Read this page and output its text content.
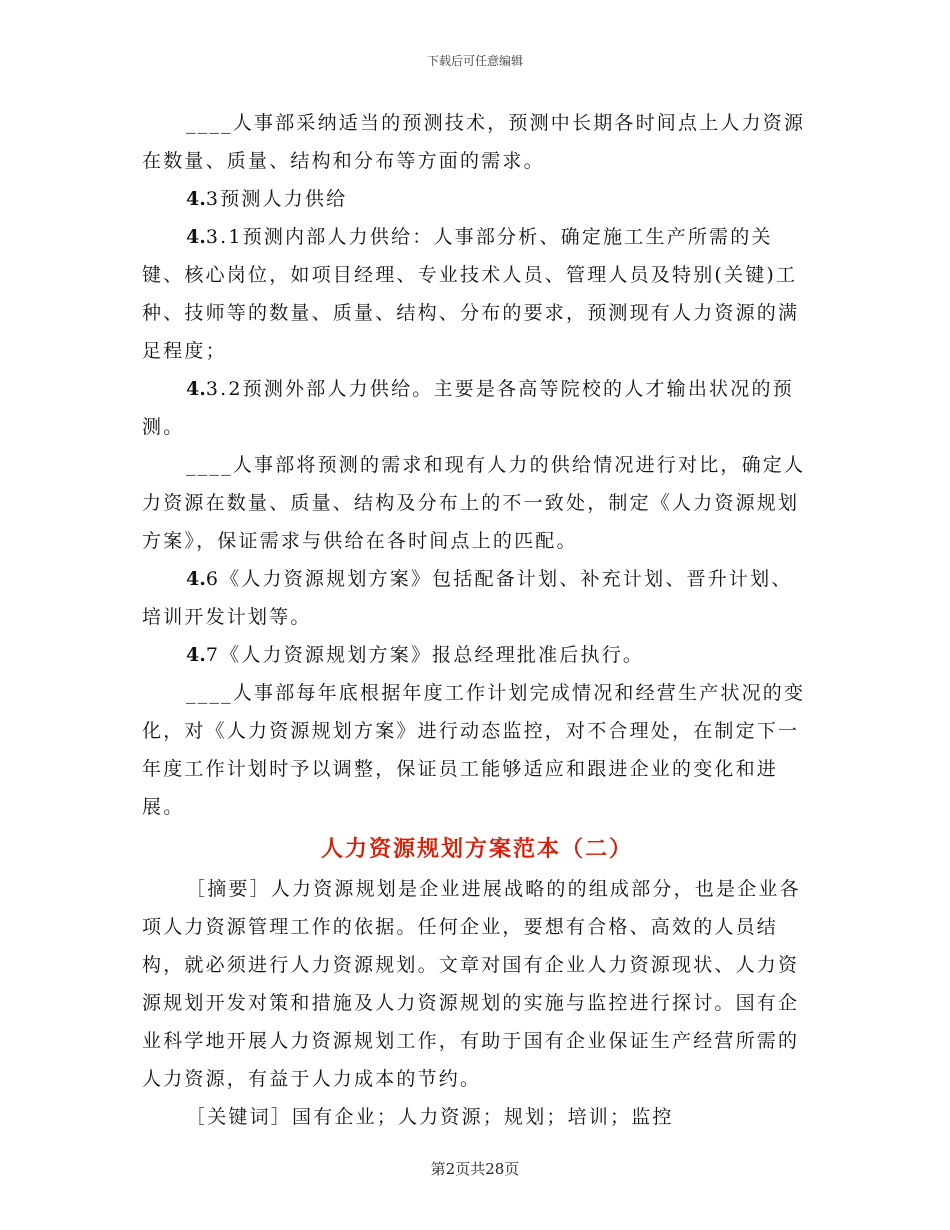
下载后可任意编辑

____人事部采纳适当的预测技术，预测中长期各时间点上人力资源在数量、质量、结构和分布等方面的需求。

4.3预测人力供给

4.3.1预测内部人力供给：人事部分析、确定施工生产所需的关键、核心岗位，如项目经理、专业技术人员、管理人员及特别(关键)工种、技师等的数量、质量、结构、分布的要求，预测现有人力资源的满足程度；

4.3.2预测外部人力供给。主要是各高等院校的人才输出状况的预测。

____人事部将预测的需求和现有人力的供给情况进行对比，确定人力资源在数量、质量、结构及分布上的不一致处，制定《人力资源规划方案》，保证需求与供给在各时间点上的匹配。

4.6《人力资源规划方案》包括配备计划、补充计划、晋升计划、培训开发计划等。

4.7《人力资源规划方案》报总经理批准后执行。

____人事部每年底根据年度工作计划完成情况和经营生产状况的变化，对《人力资源规划方案》进行动态监控，对不合理处，在制定下一年度工作计划时予以调整，保证员工能够适应和跟进企业的变化和进展。

人力资源规划方案范本（二）

［摘要］人力资源规划是企业进展战略的的组成部分，也是企业各项人力资源管理工作的依据。任何企业，要想有合格、高效的人员结构，就必须进行人力资源规划。文章对国有企业人力资源现状、人力资源规划开发对策和措施及人力资源规划的实施与监控进行探讨。国有企业科学地开展人力资源规划工作，有助于国有企业保证生产经营所需的人力资源，有益于人力成本的节约。

［关键词］国有企业；人力资源；规划；培训；监控

第2页共28页
